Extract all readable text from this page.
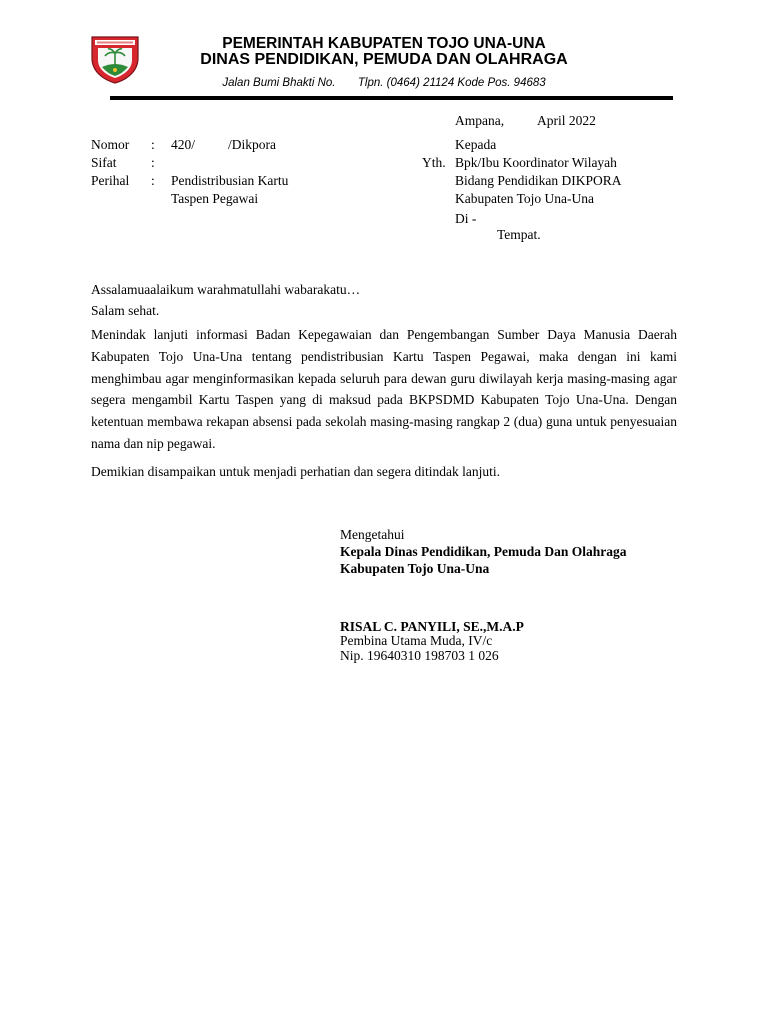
PEMERINTAH KABUPATEN TOJO UNA-UNA
DINAS PENDIDIKAN, PEMUDA DAN OLAHRAGA
Jalan Bumi Bhakti No. Tlpn. (0464) 21124 Kode Pos. 94683
Ampana, April 2022
Nomor : 420/ /Dikpora
Sifat	:
Perihal : Pendistribusian Kartu
Taspen Pegawai
Kepada
Yth. Bpk/Ibu Koordinator Wilayah
Bidang Pendidikan DIKPORA
Kabupaten Tojo Una-Una
Di -
Tempat.
Assalamuaalaikum warahmatullahi wabarakatu…
Salam sehat.
Menindak lanjuti informasi Badan Kepegawaian dan Pengembangan Sumber Daya Manusia Daerah Kabupaten Tojo Una-Una tentang pendistribusian Kartu Taspen Pegawai, maka dengan ini kami menghimbau agar menginformasikan kepada seluruh para dewan guru diwilayah kerja masing-masing agar segera mengambil Kartu Taspen yang di maksud pada BKPSDMD Kabupaten Tojo Una-Una. Dengan ketentuan membawa rekapan absensi pada sekolah masing-masing rangkap 2 (dua) guna untuk penyesuaian nama dan nip pegawai.
Demikian disampaikan untuk menjadi perhatian dan segera ditindak lanjuti.
Mengetahui
Kepala Dinas Pendidikan, Pemuda Dan Olahraga
Kabupaten Tojo Una-Una
RISAL C. PANYILI, SE.,M.A.P
Pembina Utama Muda, IV/c
Nip. 19640310 198703 1 026
